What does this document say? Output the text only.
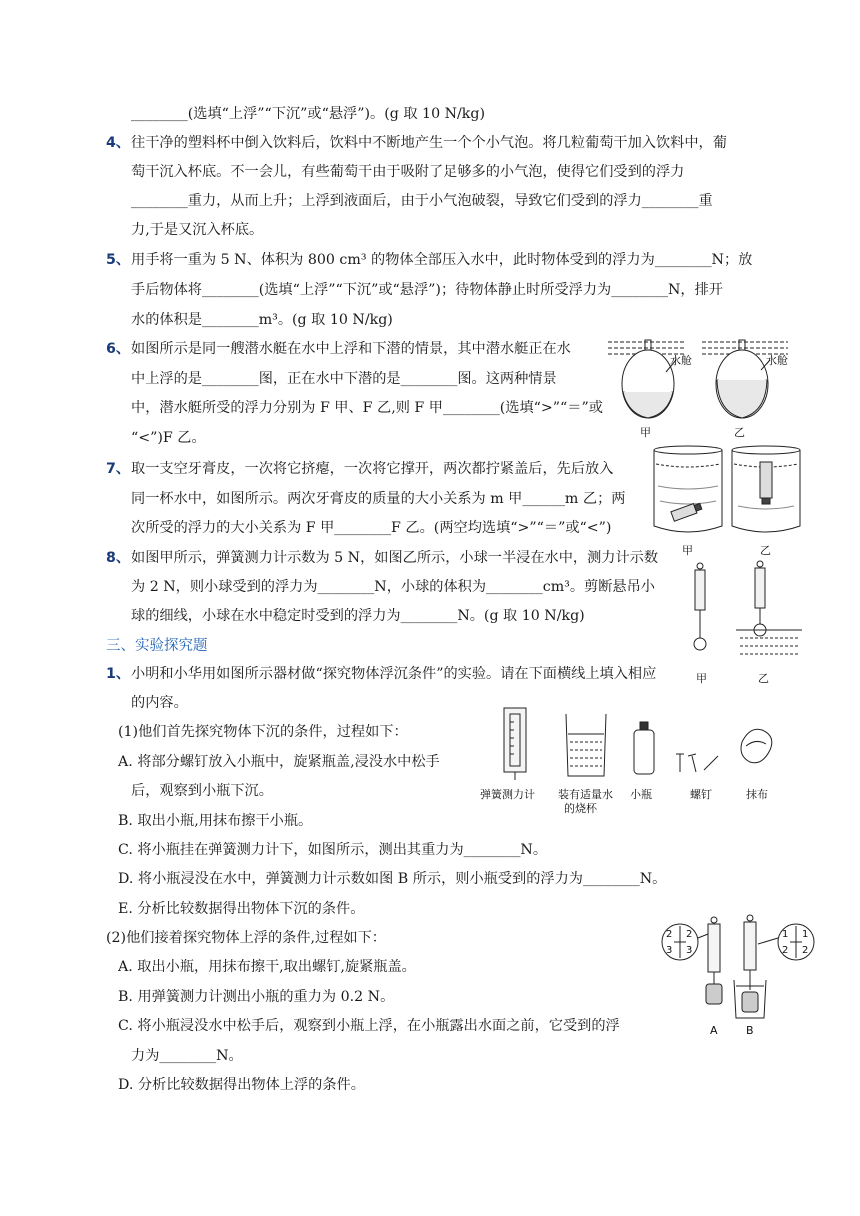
________(选填“上浮”“下沉”或“悬浮”)。(g 取 10 N/kg)
4、 往干净的塑料杯中倒入饮料后，饮料中不断地产生一个个小气泡。将几粒葡萄干加入饮料中，葡
萄干沉入杯底。不一会儿，有些葡萄干由于吸附了足够多的小气泡，使得它们受到的浮力
________重力，从而上升；上浮到液面后，由于小气泡破裂，导致它们受到的浮力________重
力,于是又沉入杯底。
5、 用手将一重为 5 N、体积为 800 cm³ 的物体全部压入水中，此时物体受到的浮力为________N；放
手后物体将________(选填“上浮”“下沉”或“悬浮”)；待物体静止时所受浮力为________N，排开
水的体积是________m³。(g 取 10 N/kg)
6、 如图所示是同一艘潜水艇在水中上浮和下潜的情景，其中潜水艇正在水
中上浮的是________图，正在水中下潜的是________图。这两种情景
中，潜水艇所受的浮力分别为 F 甲、F 乙,则 F 甲________(选填“>”“＝”或
“<”)F 乙。
7、 取一支空牙膏皮，一次将它挤瘪，一次将它撑开，两次都拧紧盖后，先后放入
同一杯水中，如图所示。两次牙膏皮的质量的大小关系为 m 甲______m 乙；两
次所受的浮力的大小关系为 F 甲________F 乙。(两空均选填“>”“＝”或“<”)
8、 如图甲所示，弹簧测力计示数为 5 N，如图乙所示，小球一半浸在水中，测力计示数
为 2 N，则小球受到的浮力为________N，小球的体积为________cm³。剪断悬吊小
球的细线，小球在水中稳定时受到的浮力为________N。(g 取 10 N/kg)
三、实验探究题
1、 小明和小华用如图所示器材做“探究物体浮沉条件”的实验。请在下面横线上填入相应
的内容。
(1)他们首先探究物体下沉的条件，过程如下：
A. 将部分螺钉放入小瓶中，旋紧瓶盖,浸没水中松手
后，观察到小瓶下沉。
B. 取出小瓶,用抹布擦干小瓶。
C. 将小瓶挂在弹簧测力计下，如图所示，测出其重力为________N。
D. 将小瓶浸没在水中，弹簧测力计示数如图 B 所示，则小瓶受到的浮力为________N。
E. 分析比较数据得出物体下沉的条件。
(2)他们接着探究物体上浮的条件,过程如下：
A. 取出小瓶，用抹布擦干,取出螺钉,旋紧瓶盖。
B. 用弹簧测力计测出小瓶的重力为 0.2 N。
C. 将小瓶浸没水中松手后，观察到小瓶上浮，在小瓶露出水面之前，它受到的浮
力为________N。
D. 分析比较数据得出物体上浮的条件。
水舱	水舱
甲	乙
甲	乙
甲	乙
弹簧测力计 装有适量水
的烧杯
小瓶	螺钉	抹布
2 2
3 3
1 1
2 2
A	B
